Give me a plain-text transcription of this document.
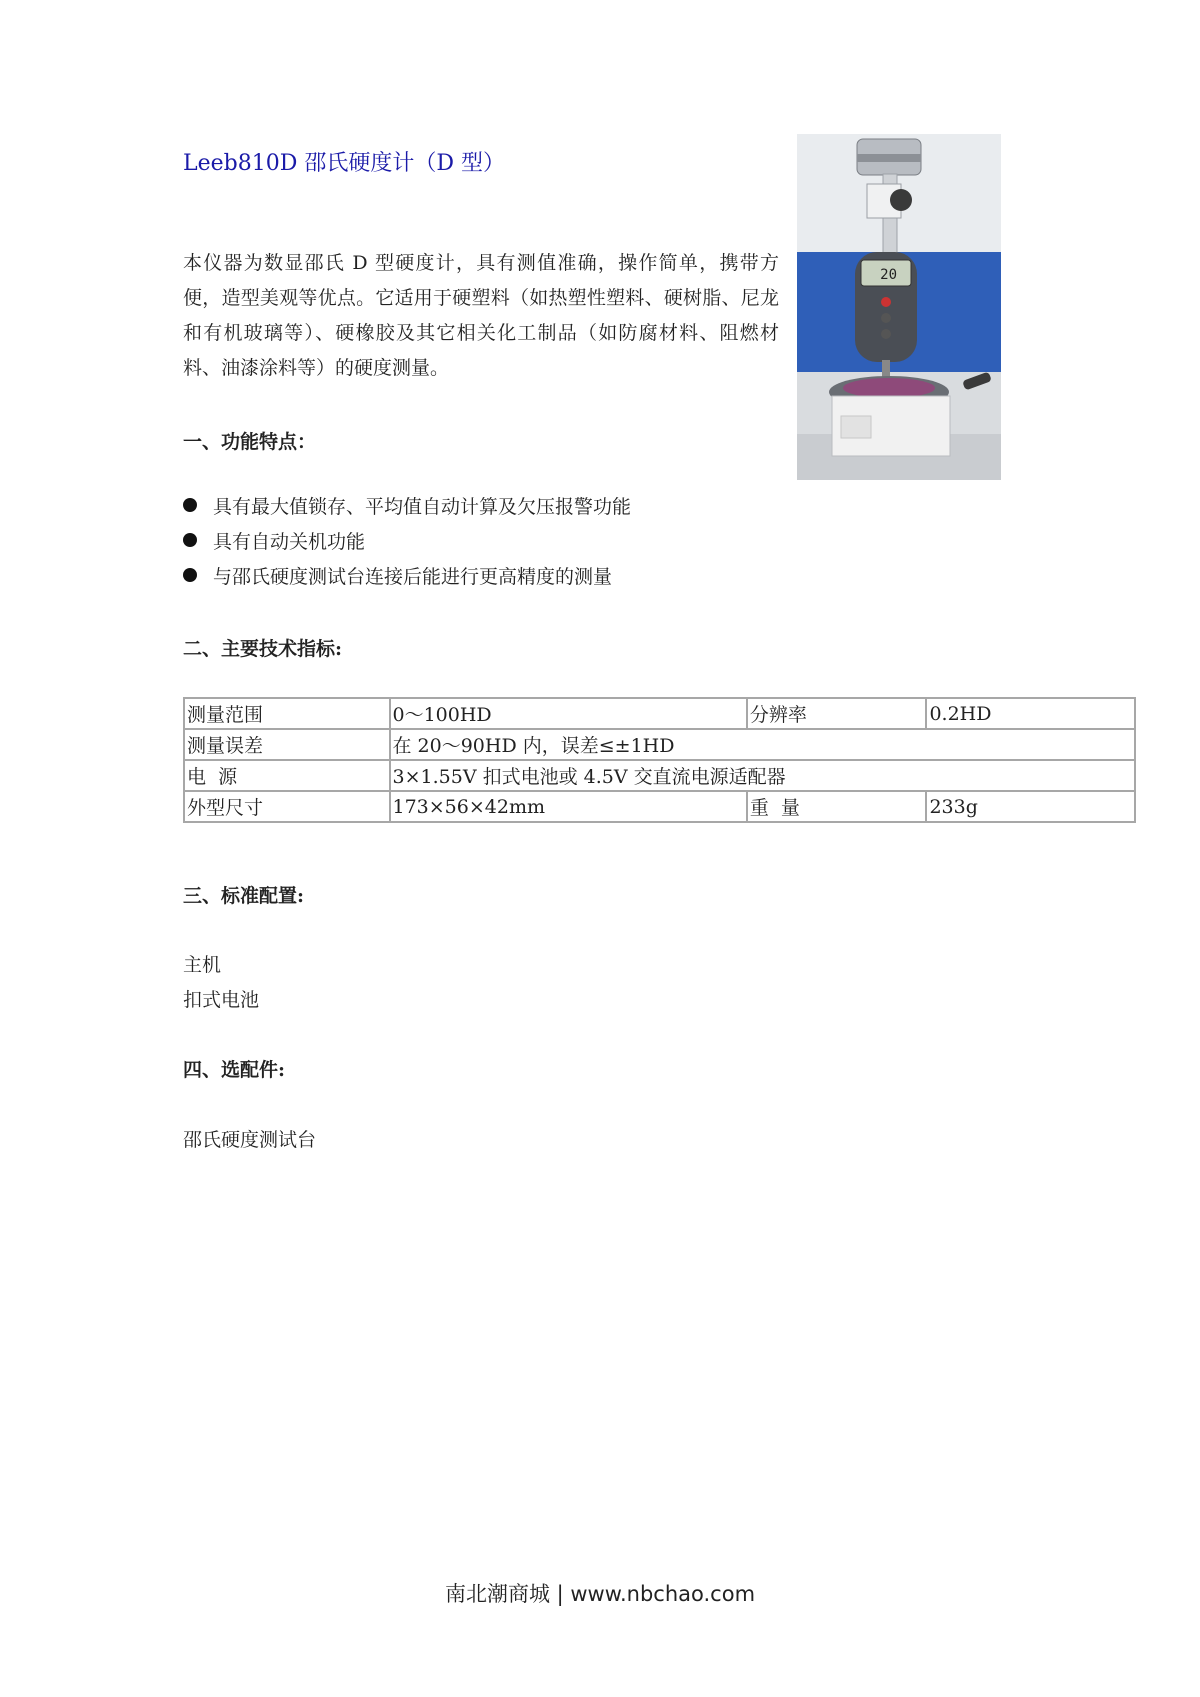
Leeb810D 邵氏硬度计（D 型）
本仪器为数显邵氏 D 型硬度计，具有测值准确，操作简单，携带方便，造型美观等优点。它适用于硬塑料（如热塑性塑料、硬树脂、尼龙和有机玻璃等）、硬橡胶及其它相关化工制品（如防腐材料、阻燃材料、油漆涂料等）的硬度测量。
一、功能特点：
具有最大值锁存、平均值自动计算及欠压报警功能
具有自动关机功能
与邵氏硬度测试台连接后能进行更高精度的测量
二、主要技术指标:
测量范围	0～100HD	分辨率	0.2HD
测量误差	在 20～90HD 内，误差≤±1HD		
电  源	3×1.55V 扣式电池或 4.5V 交直流电源适配器		
外型尺寸	173×56×42mm	重  量	233g
三、标准配置:
主机
扣式电池
四、选配件:
邵氏硬度测试台
20
南北潮商城 | www.nbchao.com
